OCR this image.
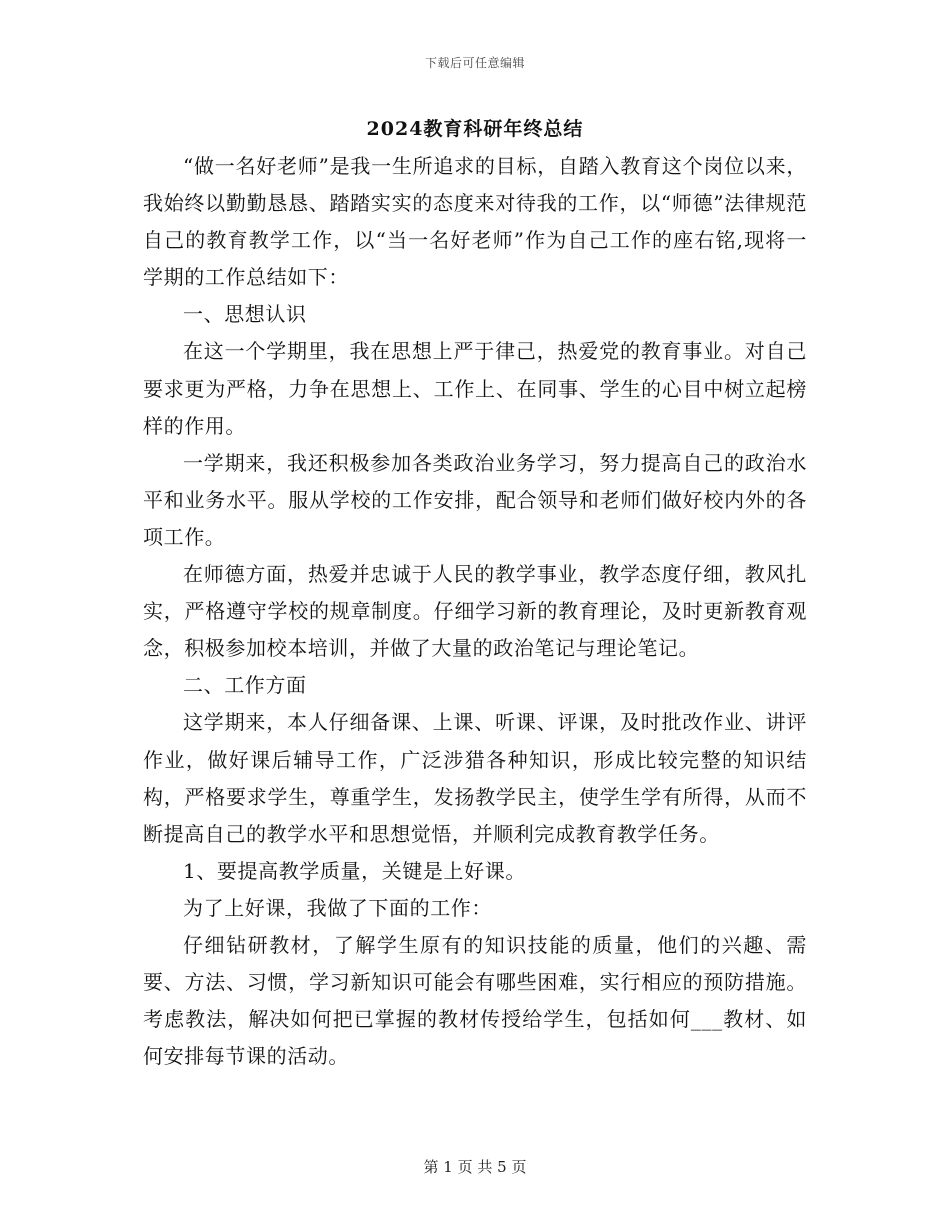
下载后可任意编辑
2024教育科研年终总结

“做一名好老师”是我一生所追求的目标，自踏入教育这个岗位以来，我始终以勤勤恳恳、踏踏实实的态度来对待我的工作，以“师德”法律规范自己的教育教学工作，以“当一名好老师”作为自己工作的座右铭,现将一学期的工作总结如下：

一、思想认识

在这一个学期里，我在思想上严于律己，热爱党的教育事业。对自己要求更为严格，力争在思想上、工作上、在同事、学生的心目中树立起榜样的作用。

一学期来，我还积极参加各类政治业务学习，努力提高自己的政治水平和业务水平。服从学校的工作安排，配合领导和老师们做好校内外的各项工作。

在师德方面，热爱并忠诚于人民的教学事业，教学态度仔细，教风扎实，严格遵守学校的规章制度。仔细学习新的教育理论，及时更新教育观念，积极参加校本培训，并做了大量的政治笔记与理论笔记。

二、工作方面

这学期来，本人仔细备课、上课、听课、评课，及时批改作业、讲评作业，做好课后辅导工作，广泛涉猎各种知识，形成比较完整的知识结构，严格要求学生，尊重学生，发扬教学民主，使学生学有所得，从而不断提高自己的教学水平和思想觉悟，并顺利完成教育教学任务。

1、要提高教学质量，关键是上好课。

为了上好课，我做了下面的工作：

仔细钻研教材，了解学生原有的知识技能的质量，他们的兴趣、需要、方法、习惯，学习新知识可能会有哪些困难，实行相应的预防措施。考虑教法，解决如何把已掌握的教材传授给学生，包括如何___教材、如何安排每节课的活动。

第 1 页 共 5 页
